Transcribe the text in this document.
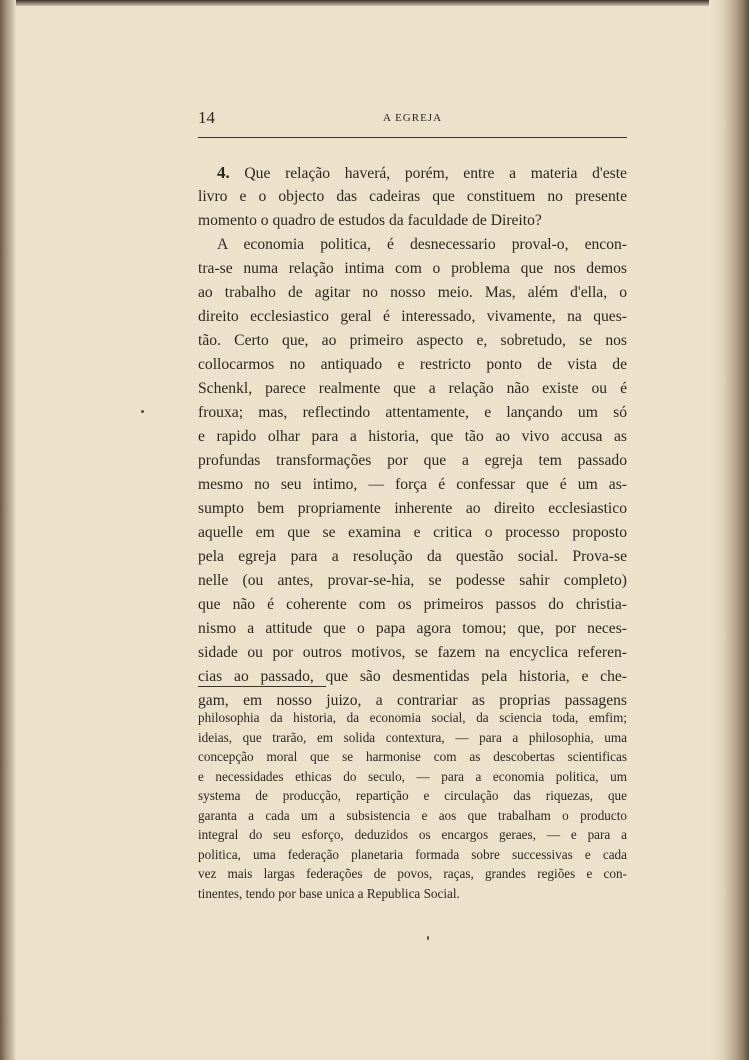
14	A EGREJA
4. Que relação haverá, porém, entre a materia d'este
livro e o objecto das cadeiras que constituem no presente
momento o quadro de estudos da faculdade de Direito?
A economia politica, é desnecessario proval-o, encon-
tra-se numa relação intima com o problema que nos demos
ao trabalho de agitar no nosso meio. Mas, além d'ella, o
direito ecclesiastico geral é interessado, vivamente, na ques-
tão. Certo que, ao primeiro aspecto e, sobretudo, se nos
collocarmos no antiquado e restricto ponto de vista de
Schenkl, parece realmente que a relação não existe ou é
frouxa; mas, reflectindo attentamente, e lançando um só
e rapido olhar para a historia, que tão ao vivo accusa as
profundas transformações por que a egreja tem passado
mesmo no seu intimo, — força é confessar que é um as-
sumpto bem propriamente inherente ao direito ecclesiastico
aquelle em que se examina e critica o processo proposto
pela egreja para a resolução da questão social. Prova-se
nelle (ou antes, provar-se-hia, se podesse sahir completo)
que não é coherente com os primeiros passos do christia-
nismo a attitude que o papa agora tomou; que, por neces-
sidade ou por outros motivos, se fazem na encyclica referen-
cias ao passado, que são desmentidas pela historia, e che-
gam, em nosso juizo, a contrariar as proprias passagens
philosophia da historia, da economia social, da sciencia toda, emfim;
ideias, que trarão, em solida contextura, — para a philosophia, uma
concepção moral que se harmonise com as descobertas scientificas
e necessidades ethicas do seculo, — para a economia politica, um
systema de producção, repartição e circulação das riquezas, que
garanta a cada um a subsistencia e aos que trabalham o producto
integral do seu esforço, deduzidos os encargos geraes, — e para a
politica, uma federação planetaria formada sobre successivas e cada
vez mais largas federações de povos, raças, grandes regiões e con-
tinentes, tendo por base unica a Republica Social.
